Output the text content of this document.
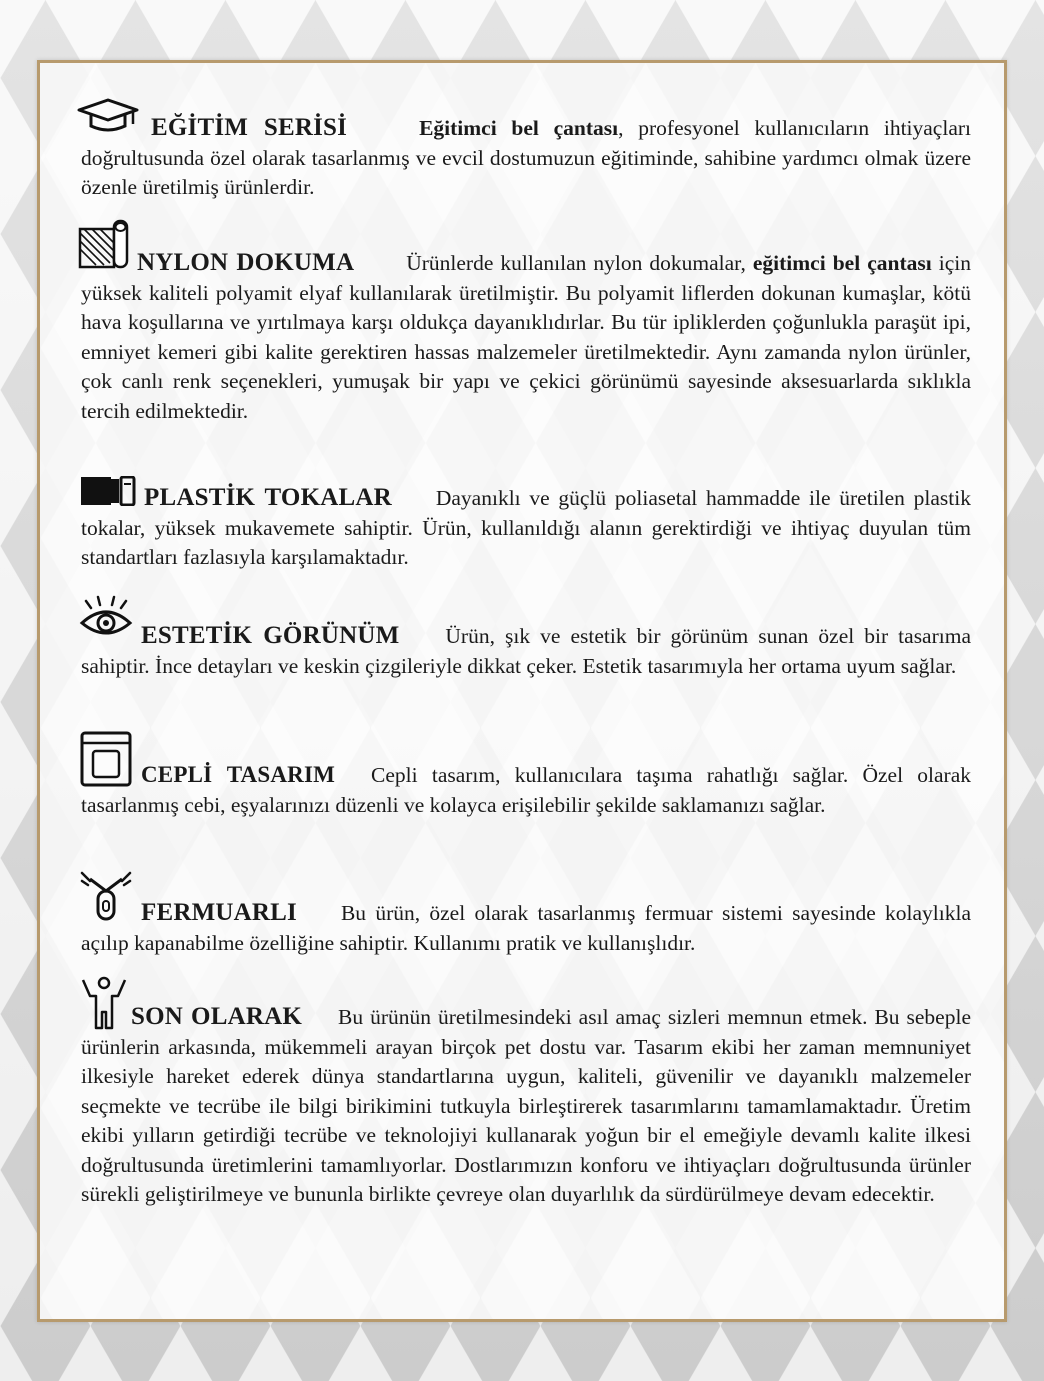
EĞİTİM SERİSİ	Eğitimci bel çantası, profesyonel kullanıcıların ihtiyaçları doğrultusunda özel olarak tasarlanmış ve evcil dostumuzun eğitiminde, sahibine yardımcı olmak üzere özenle üretilmiş ürünlerdir.
NYLON DOKUMA Ürünlerde kullanılan nylon dokumalar, eğitimci bel çantası için yüksek kaliteli polyamit elyaf kullanılarak üretilmiştir. Bu polyamit liflerden dokunan kumaşlar, kötü hava koşullarına ve yırtılmaya karşı oldukça dayanıklıdırlar. Bu tür ipliklerden çoğunlukla paraşüt ipi, emniyet kemeri gibi kalite gerektiren hassas malzemeler üretilmektedir. Aynı zamanda nylon ürünler, çok canlı renk seçenekleri, yumuşak bir yapı ve çekici görünümü sayesinde aksesuarlarda sıklıkla tercih edilmektedir.
PLASTİK TOKALAR Dayanıklı ve güçlü poliasetal hammadde ile üretilen plastik tokalar, yüksek mukavemete sahiptir. Ürün, kullanıldığı alanın gerektirdiği ve ihtiyaç duyulan tüm standartları fazlasıyla karşılamaktadır.
ESTETİK GÖRÜNÜM Ürün, şık ve estetik bir görünüm sunan özel bir tasarıma sahiptir. İnce detayları ve keskin çizgileriyle dikkat çeker. Estetik tasarımıyla her ortama uyum sağlar.
CEPLİ TASARIM Cepli tasarım, kullanıcılara taşıma rahatlığı sağlar. Özel olarak tasarlanmış cebi, eşyalarınızı düzenli ve kolayca erişilebilir şekilde saklamanızı sağlar.
FERMUARLI Bu ürün, özel olarak tasarlanmış fermuar sistemi sayesinde kolaylıkla açılıp kapanabilme özelliğine sahiptir. Kullanımı pratik ve kullanışlıdır.
SON OLARAK Bu ürünün üretilmesindeki asıl amaç sizleri memnun etmek. Bu sebeple ürünlerin arkasında, mükemmeli arayan birçok pet dostu var. Tasarım ekibi her zaman memnuniyet ilkesiyle hareket ederek dünya standartlarına uygun, kaliteli, güvenilir ve dayanıklı malzemeler seçmekte ve tecrübe ile bilgi birikimini tutkuyla birleştirerek tasarımlarını tamamlamaktadır. Üretim ekibi yılların getirdiği tecrübe ve teknolojiyi kullanarak yoğun bir el emeğiyle devamlı kalite ilkesi doğrultusunda üretimlerini tamamlıyorlar. Dostlarımızın konforu ve ihtiyaçları doğrultusunda ürünler sürekli geliştirilmeye ve bununla birlikte çevreye olan duyarlılık da sürdürülmeye devam edecektir.
